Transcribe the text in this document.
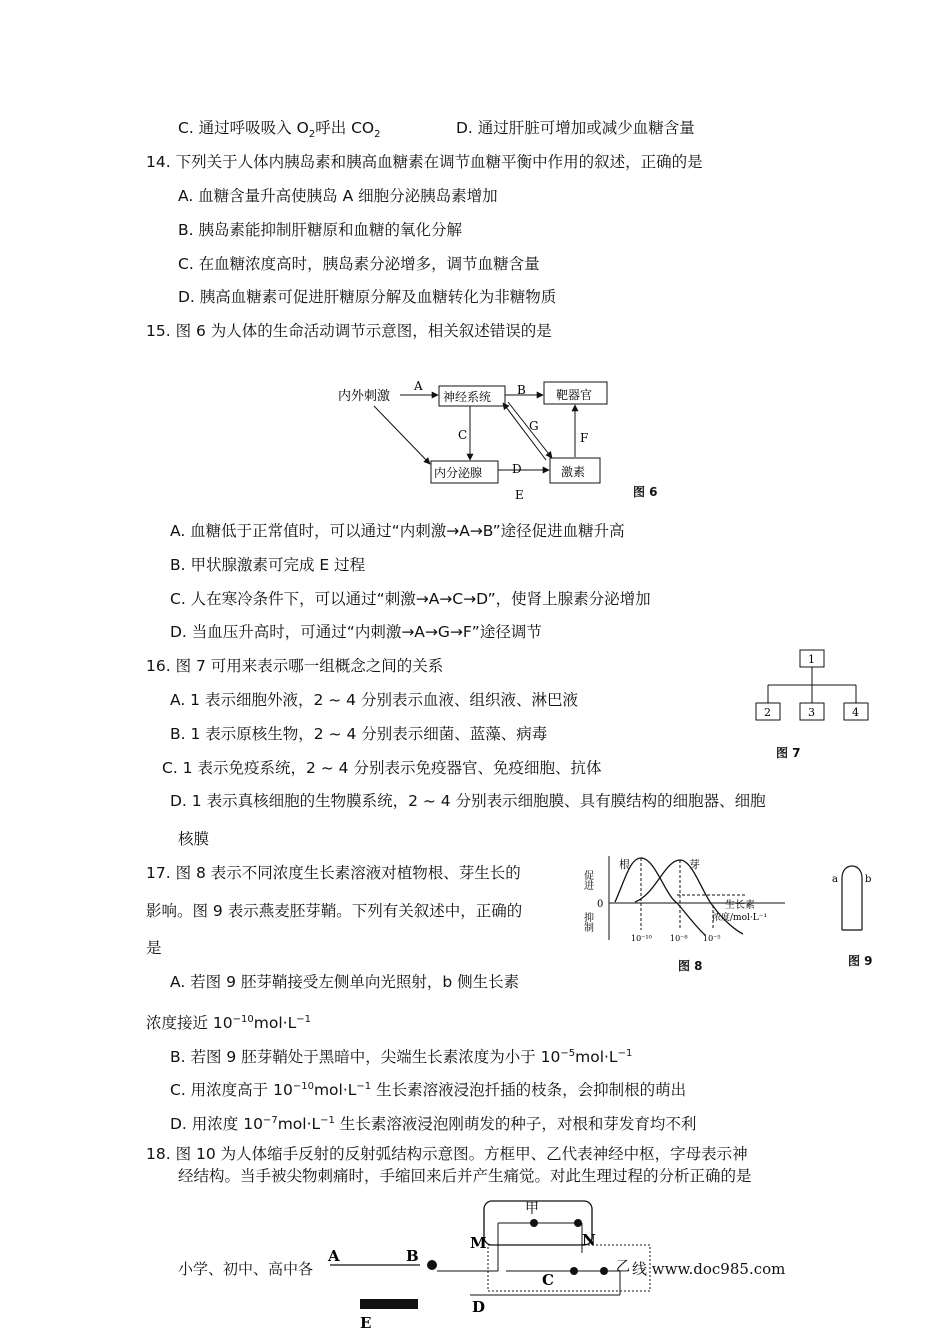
C. 通过呼吸吸入 $O_2$呼出 $CO_2$	D. 通过肝脏可增加或减少血糖含量
14. 下列关于人体内胰岛素和胰高血糖素在调节血糖平衡中作用的叙述，正确的是
A. 血糖含量升高使胰岛 A 细胞分泌胰岛素增加
B. 胰岛素能抑制肝糖原和血糖的氧化分解
C. 在血糖浓度高时，胰岛素分泌增多，调节血糖含量
D. 胰高血糖素可促进肝糖原分解及血糖转化为非糖物质
15. 图 6 为人体的生命活动调节示意图，相关叙述错误的是
内外刺激	神经系统	靶器官
内分泌腺	激素
A	B
C
D
E
F
G
图 6
A. 血糖低于正常值时，可以通过“内刺激→A→B”途径促进血糖升高
B. 甲状腺激素可完成 E 过程
C. 人在寒冷条件下，可以通过“刺激→A→C→D”，使肾上腺素分泌增加
D. 当血压升高时，可通过“内刺激→A→G→F”途径调节
16. 图 7 可用来表示哪一组概念之间的关系
A. 1 表示细胞外液，2 ~ 4 分别表示血液、组织液、淋巴液
B. 1 表示原核生物，2 ~ 4 分别表示细菌、蓝藻、病毒
C. 1 表示免疫系统，2 ~ 4 分别表示免疫器官、免疫细胞、抗体
D. 1 表示真核细胞的生物膜系统，2 ~ 4 分别表示细胞膜、具有膜结构的细胞器、细胞
核膜
1
2	3	4
图 7
17. 图 8 表示不同浓度生长素溶液对植物根、芽生长的
影响。图 9 表示燕麦胚芽鞘。下列有关叙述中，正确的
是
促进
0
抑制
根	芽
生长素
浓度/mol·L⁻¹
10⁻¹⁰ 10⁻⁸ 10⁻⁵
图 8
a	b
图 9
A. 若图 9 胚芽鞘接受左侧单向光照射，b 侧生长素
浓度接近 $10^{-10}mol\cdot L^{-1}$
B. 若图 9 胚芽鞘处于黑暗中，尖端生长素浓度为小于 $10^{-5}mol\cdot L^{-1}$
C. 用浓度高于 $10^{-10}mol\cdot L^{-1}$ 生长素溶液浸泡扦插的枝条，会抑制根的萌出
D. 用浓度 $10^{-7}mol\cdot L^{-1}$ 生长素溶液浸泡刚萌发的种子，对根和芽发育均不利
18. 图 10 为人体缩手反射的反射弧结构示意图。方框甲、乙代表神经中枢，字母表示神
经结构。当手被尖物刺痛时，手缩回来后并产生痛觉。对此生理过程的分析正确的是
甲
乙
A	B
C
D
E
M	N
小学、初中、高中各	线 www.doc985.com
